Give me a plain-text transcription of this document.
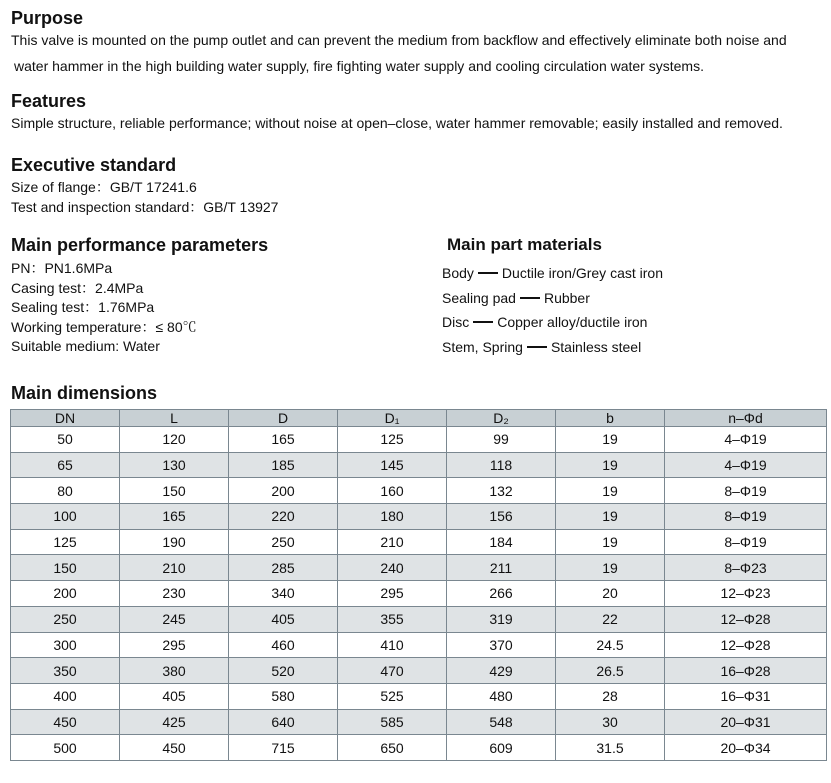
Purpose

This valve is mounted on the pump outlet and can prevent the medium from backflow and effectively eliminate both noise and

water hammer in the high building water supply, fire fighting water supply and cooling circulation water systems.

Features

Simple structure, reliable performance; without noise at open–close, water hammer removable; easily installed and removed.

Executive standard

Size of flange：GB/T 17241.6

Test and inspection standard：GB/T 13927

Main performance parameters
PN：PN1.6MPa
Casing test：2.4MPa
Sealing test：1.76MPa
Working temperature：≤ 80℃
Suitable medium: Water
Main part materials
Body Ductile iron/Grey cast iron
Sealing pad Rubber
Disc Copper alloy/ductile iron
Stem, Spring Stainless steel
Main dimensions
DN	L	D	D₁	D₂	b	n–Φd
50	120	165	125	99	19	4–Φ19
65	130	185	145	118	19	4–Φ19
80	150	200	160	132	19	8–Φ19
100	165	220	180	156	19	8–Φ19
125	190	250	210	184	19	8–Φ19
150	210	285	240	211	19	8–Φ23
200	230	340	295	266	20	12–Φ23
250	245	405	355	319	22	12–Φ28
300	295	460	410	370	24.5	12–Φ28
350	380	520	470	429	26.5	16–Φ28
400	405	580	525	480	28	16–Φ31
450	425	640	585	548	30	20–Φ31
500	450	715	650	609	31.5	20–Φ34
